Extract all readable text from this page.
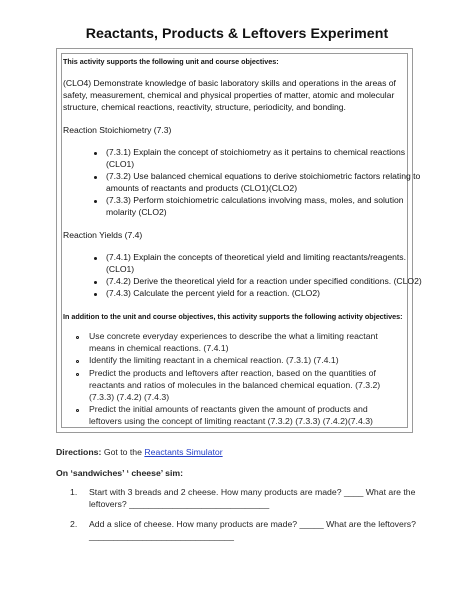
Reactants, Products & Leftovers Experiment
This activity supports the following unit and course objectives:
(CLO4) Demonstrate knowledge of basic laboratory skills and operations in the areas of
safety, measurement, chemical and physical properties of matter, atomic and molecular
structure, chemical reactions, reactivity, structure, periodicity, and bonding.
Reaction Stoichiometry (7.3)
(7.3.1) Explain the concept of stoichiometry as it pertains to chemical reactions
(CLO1)
(7.3.2) Use balanced chemical equations to derive stoichiometric factors relating to
amounts of reactants and products (CLO1)(CLO2)
(7.3.3) Perform stoichiometric calculations involving mass, moles, and solution
molarity (CLO2)
Reaction Yields (7.4)
(7.4.1) Explain the concepts of theoretical yield and limiting reactants/reagents.
(CLO1)
(7.4.2) Derive the theoretical yield for a reaction under specified conditions. (CLO2)
(7.4.3) Calculate the percent yield for a reaction. (CLO2)
In addition to the unit and course objectives, this activity supports the following activity objectives:
Use concrete everyday experiences to describe the what a limiting reactant
means in chemical reactions. (7.4.1)
Identify the limiting reactant in a chemical reaction. (7.3.1) (7.4.1)
Predict the products and leftovers after reaction, based on the quantities of
reactants and ratios of molecules in the balanced chemical equation. (7.3.2)
(7.3.3) (7.4.2) (7.4.3)
Predict the initial amounts of reactants given the amount of products and
leftovers using the concept of limiting reactant (7.3.2) (7.3.3) (7.4.2)(7.4.3)
Directions: Got to the Reactants Simulator
On ‘sandwiches’ ‘ cheese’ sim:
1. Start with 3 breads and 2 cheese. How many products are made? ____ What are the
leftovers? _____________________________
2. Add a slice of cheese. How many products are made? _____ What are the leftovers?
______________________________
